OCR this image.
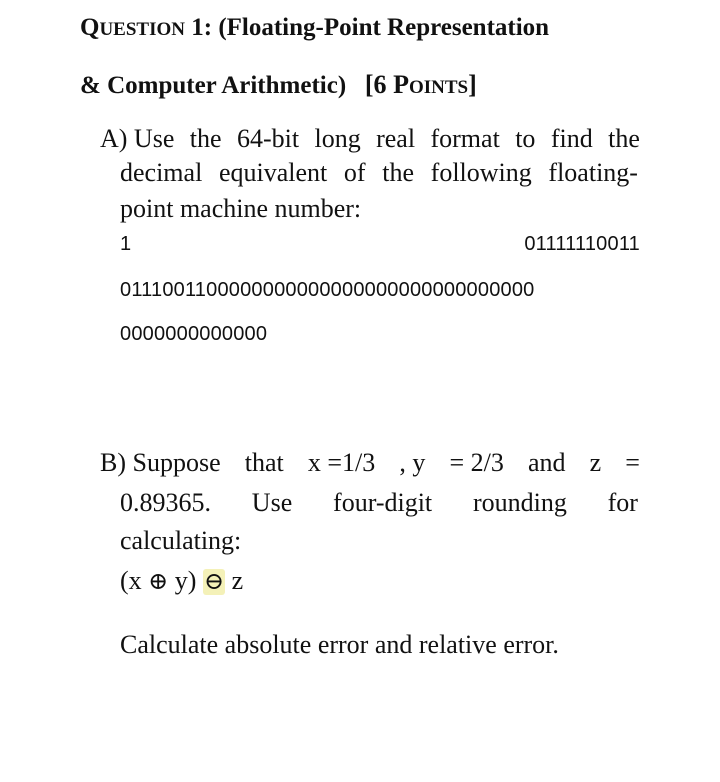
QUESTION 1: (Floating-Point Representation
& Computer Arithmetic) [6 POINTS]
A) Use the 64-bit long real format to find the
decimal equivalent of the following floating-
point machine number:
1	01111110011
0111001100000000000000000000000000000
0000000000000
B) Suppose that x =1/3 , y = 2/3 and z =
0.89365. Use four-digit rounding for
calculating:
(x ⊕ y) ⊖ z
Calculate absolute error and relative error.
